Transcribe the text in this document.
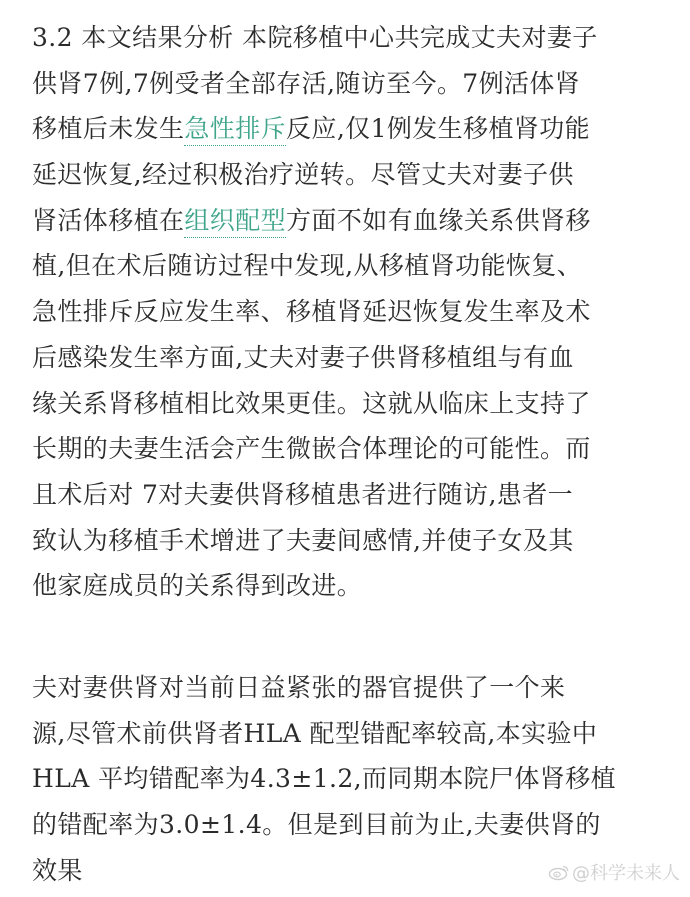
3.2 本文结果分析 本院移植中心共完成丈夫对妻子
供肾7例,7例受者全部存活,随访至今。7例活体肾
移植后未发生急性排斥反应,仅1例发生移植肾功能
延迟恢复,经过积极治疗逆转。尽管丈夫对妻子供
肾活体移植在组织配型方面不如有血缘关系供肾移
植,但在术后随访过程中发现,从移植肾功能恢复、
急性排斥反应发生率、移植肾延迟恢复发生率及术
后感染发生率方面,丈夫对妻子供肾移植组与有血
缘关系肾移植相比效果更佳。这就从临床上支持了
长期的夫妻生活会产生微嵌合体理论的可能性。而
且术后对 7对夫妻供肾移植患者进行随访,患者一
致认为移植手术增进了夫妻间感情,并使子女及其
他家庭成员的关系得到改进。

夫对妻供肾对当前日益紧张的器官提供了一个来
源,尽管术前供肾者HLA 配型错配率较高,本实验中
HLA 平均错配率为4.3±1.2,而同期本院尸体肾移植
的错配率为3.0±1.4。但是到目前为止,夫妻供肾的
效果	@科学未来人
